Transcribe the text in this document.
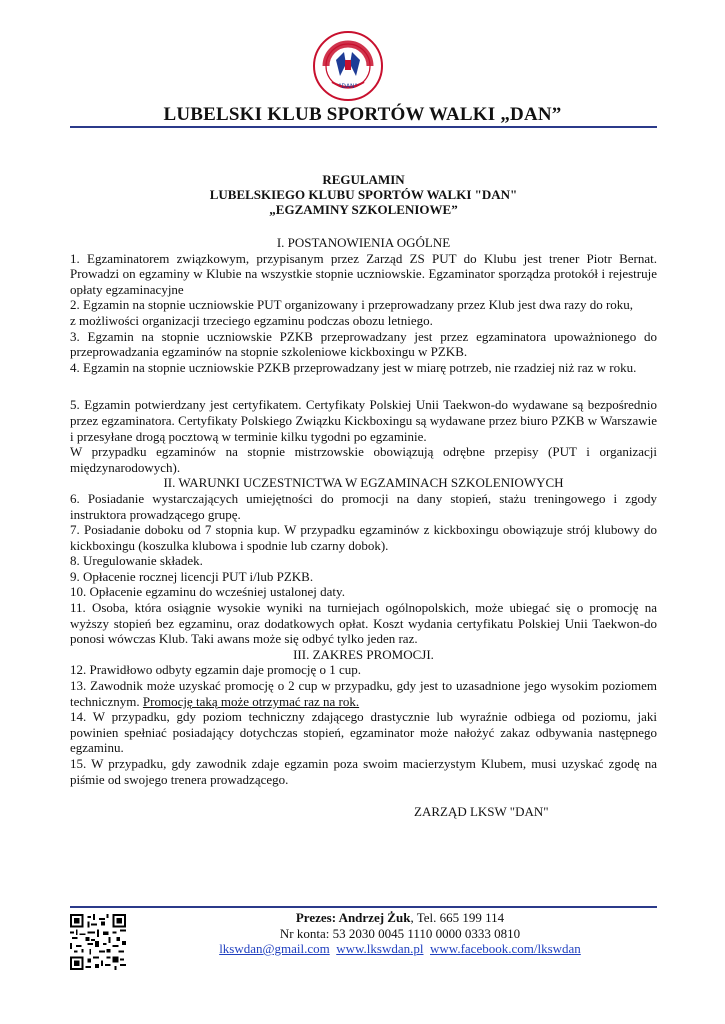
"DAN"
LUBELSKI KLUB SPORTÓW WALKI „DAN”
REGULAMIN
LUBELSKIEGO KLUBU SPORTÓW WALKI "DAN"
„EGZAMINY SZKOLENIOWE”
I. POSTANOWIENIA OGÓLNE

1. Egzaminatorem związkowym, przypisanym przez Zarząd ZS PUT do Klubu jest trener Piotr Bernat. Prowadzi on egzaminy w Klubie na wszystkie stopnie uczniowskie. Egzaminator sporządza protokół i rejestruje opłaty egzaminacyjne

2. Egzamin na stopnie uczniowskie PUT organizowany i przeprowadzany przez Klub jest dwa razy do roku,

z możliwości organizacji trzeciego egzaminu podczas obozu letniego.

3. Egzamin na stopnie uczniowskie PZKB przeprowadzany jest przez egzaminatora upoważnionego do przeprowadzania egzaminów na stopnie szkoleniowe kickboxingu w PZKB.

4. Egzamin na stopnie uczniowskie PZKB przeprowadzany jest w miarę potrzeb, nie rzadziej niż raz w roku.

5. Egzamin potwierdzany jest certyfikatem. Certyfikaty Polskiej Unii Taekwon-do wydawane są bezpośrednio przez egzaminatora. Certyfikaty Polskiego Związku Kickboxingu są wydawane przez biuro PZKB w Warszawie i przesyłane drogą pocztową w terminie kilku tygodni po egzaminie.

W przypadku egzaminów na stopnie mistrzowskie obowiązują odrębne przepisy (PUT i organizacji międzynarodowych).

II. WARUNKI UCZESTNICTWA W EGZAMINACH SZKOLENIOWYCH

6. Posiadanie wystarczających umiejętności do promocji na dany stopień, stażu treningowego i zgody instruktora prowadzącego grupę.

7. Posiadanie doboku od 7 stopnia kup. W przypadku egzaminów z kickboxingu obowiązuje strój klubowy do kickboxingu (koszulka klubowa i spodnie lub czarny dobok).

8. Uregulowanie składek.

9. Opłacenie rocznej licencji PUT i/lub PZKB.

10. Opłacenie egzaminu do wcześniej ustalonej daty.

11. Osoba, która osiągnie wysokie wyniki na turniejach ogólnopolskich, może ubiegać się o promocję na wyższy stopień bez egzaminu, oraz dodatkowych opłat. Koszt wydania certyfikatu Polskiej Unii Taekwon-do ponosi wówczas Klub. Taki awans może się odbyć tylko jeden raz.

III. ZAKRES PROMOCJI.

12. Prawidłowo odbyty egzamin daje promocję o 1 cup.

13. Zawodnik może uzyskać promocję o 2 cup w przypadku, gdy jest to uzasadnione jego wysokim poziomem technicznym. Promocję taką może otrzymać raz na rok.

14. W przypadku, gdy poziom techniczny zdającego drastycznie lub wyraźnie odbiega od poziomu, jaki powinien spełniać posiadający dotychczas stopień, egzaminator może nałożyć zakaz odbywania następnego egzaminu.

15. W przypadku, gdy zawodnik zdaje egzamin poza swoim macierzystym Klubem, musi uzyskać zgodę na piśmie od swojego trenera prowadzącego.

ZARZĄD LKSW "DAN"
Prezes: Andrzej Żuk, Tel. 665 199 114
Nr konta: 53 2030 0045 1110 0000 0333 0810
lkswdan@gmail.com www.lkswdan.pl www.facebook.com/lkswdan
